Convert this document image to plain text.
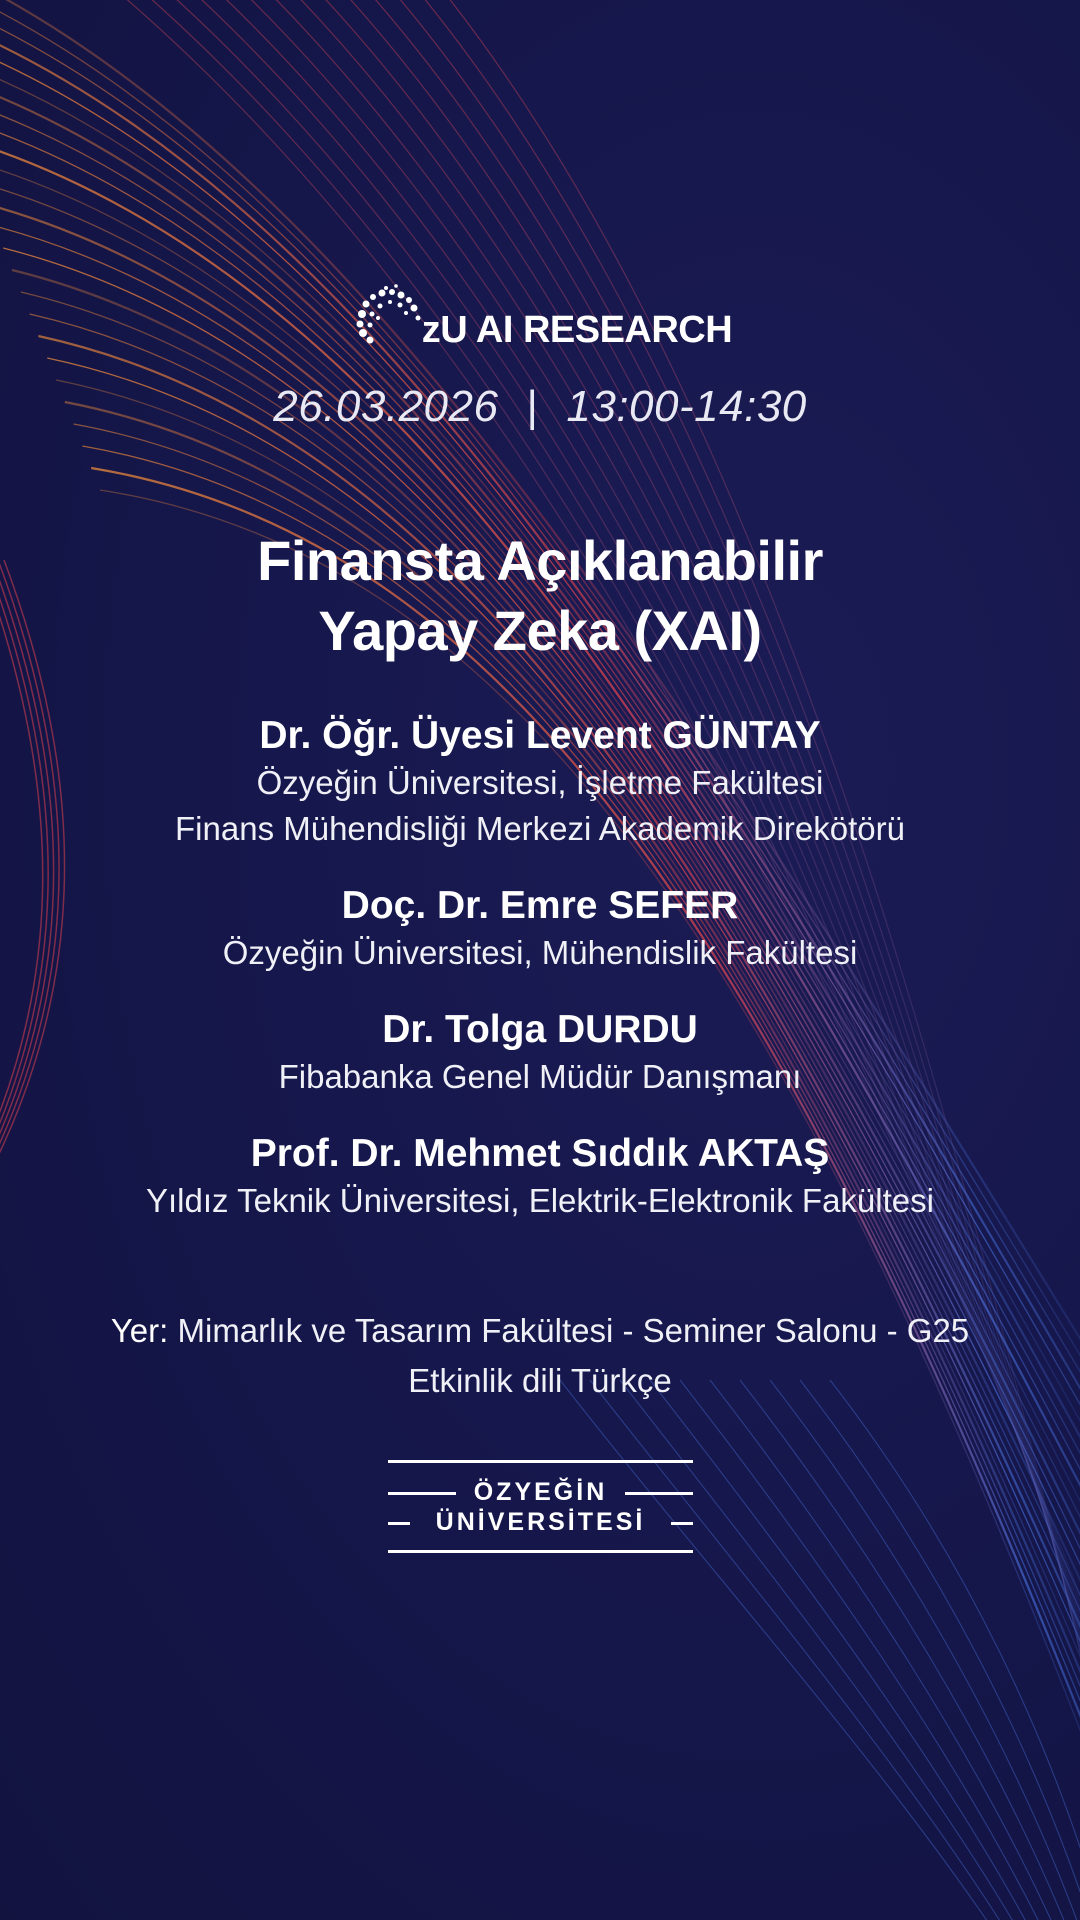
zU AI RESEARCH
26.03.2026 | 13:00-14:30
Finansta Açıklanabilir
Yapay Zeka (XAI)
Dr. Öğr. Üyesi Levent GÜNTAY
Özyeğin Üniversitesi, İşletme Fakültesi
Finans Mühendisliği Merkezi Akademik Direkötörü
Doç. Dr. Emre SEFER
Özyeğin Üniversitesi, Mühendislik Fakültesi
Dr. Tolga DURDU
Fibabanka Genel Müdür Danışmanı
Prof. Dr. Mehmet Sıddık AKTAŞ
Yıldız Teknik Üniversitesi, Elektrik-Elektronik Fakültesi
Yer: Mimarlık ve Tasarım Fakültesi - Seminer Salonu - G25
Etkinlik dili Türkçe
ÖZYEĞİN
ÜNİVERSİTESİ
